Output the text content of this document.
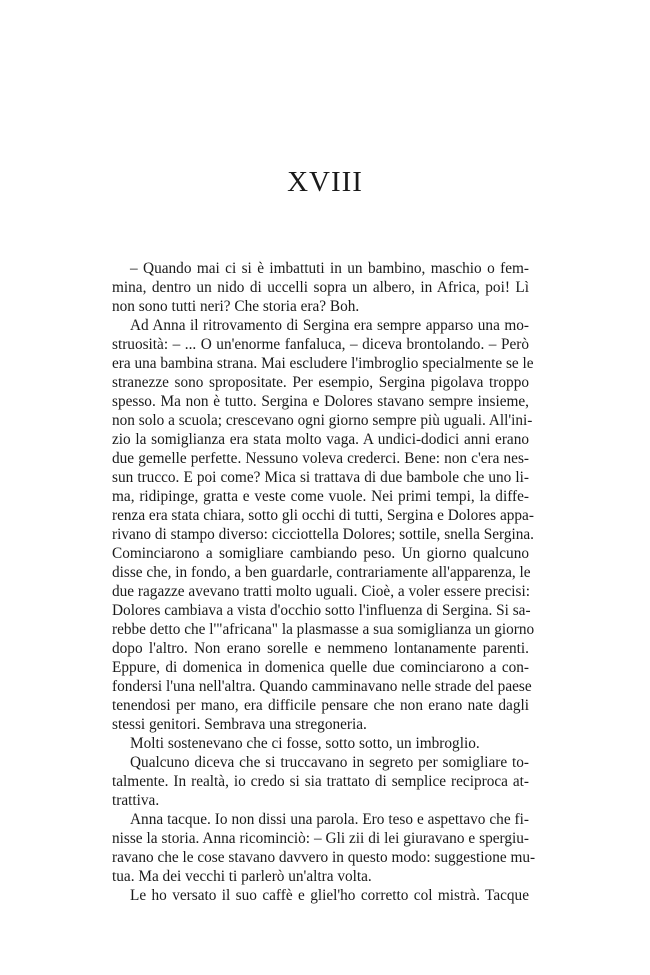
XVIII
– Quando mai ci si è imbattuti in un bambino, maschio o fem-
mina, dentro un nido di uccelli sopra un albero, in Africa, poi! Lì
non sono tutti neri? Che storia era? Boh.
Ad Anna il ritrovamento di Sergina era sempre apparso una mo-
struosità: – ... O un'enorme fanfaluca, – diceva brontolando. – Però
era una bambina strana. Mai escludere l'imbroglio specialmente se le
stranezze sono spropositate. Per esempio, Sergina pigolava troppo
spesso. Ma non è tutto. Sergina e Dolores stavano sempre insieme,
non solo a scuola; crescevano ogni giorno sempre più uguali. All'ini-
zio la somiglianza era stata molto vaga. A undici-dodici anni erano
due gemelle perfette. Nessuno voleva crederci. Bene: non c'era nes-
sun trucco. E poi come? Mica si trattava di due bambole che uno li-
ma, ridipinge, gratta e veste come vuole. Nei primi tempi, la diffe-
renza era stata chiara, sotto gli occhi di tutti, Sergina e Dolores appa-
rivano di stampo diverso: cicciottella Dolores; sottile, snella Sergina.
Cominciarono a somigliare cambiando peso. Un giorno qualcuno
disse che, in fondo, a ben guardarle, contrariamente all'apparenza, le
due ragazze avevano tratti molto uguali. Cioè, a voler essere precisi:
Dolores cambiava a vista d'occhio sotto l'influenza di Sergina. Si sa-
rebbe detto che l'"africana" la plasmasse a sua somiglianza un giorno
dopo l'altro. Non erano sorelle e nemmeno lontanamente parenti.
Eppure, di domenica in domenica quelle due cominciarono a con-
fondersi l'una nell'altra. Quando camminavano nelle strade del paese
tenendosi per mano, era difficile pensare che non erano nate dagli
stessi genitori. Sembrava una stregoneria.
Molti sostenevano che ci fosse, sotto sotto, un imbroglio.
Qualcuno diceva che si truccavano in segreto per somigliare to-
talmente. In realtà, io credo si sia trattato di semplice reciproca at-
trattiva.
Anna tacque. Io non dissi una parola. Ero teso e aspettavo che fi-
nisse la storia. Anna ricominciò: – Gli zii di lei giuravano e spergiu-
ravano che le cose stavano davvero in questo modo: suggestione mu-
tua. Ma dei vecchi ti parlerò un'altra volta.
Le ho versato il suo caffè e gliel'ho corretto col mistrà. Tacque
